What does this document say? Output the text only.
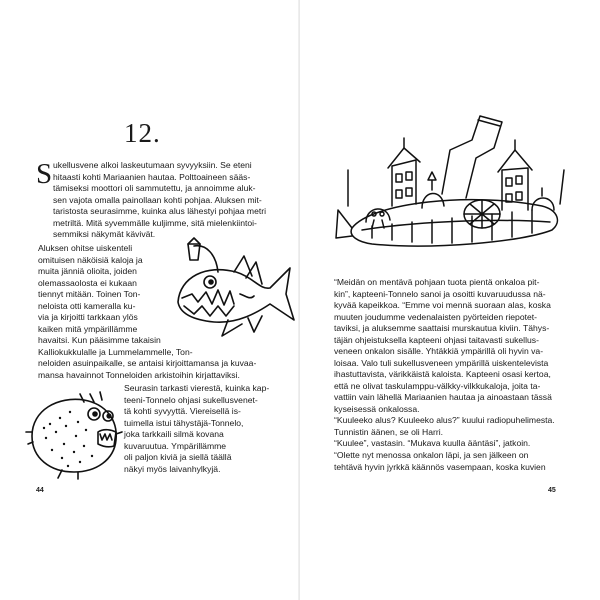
12.
S ukellusvene alkoi laskeutumaan syvyyksiin. Se eteni
hitaasti kohti Mariaanien hautaa. Polttoaineen sääs-
tämiseksi moottori oli sammutettu, ja annoimme aluk-
sen vajota omalla painollaan kohti pohjaa. Aluksen mit-
taristosta seurasimme, kuinka alus lähestyi pohjaa metri
metriltä. Mitä syvemmälle kuljimme, sitä mielenkiintoi-
semmiksi näkymät kävivät.

Aluksen ohitse uiskenteli
omituisen näköisiä kaloja ja
muita jänniä olioita, joiden
olemassaolosta ei kukaan
tiennyt mitään. Toinen Ton-
neloista otti kameralla ku-
via ja kirjoitti tarkkaan ylös
kaiken mitä ympärillämme
havaitsi. Kun pääsimme takaisin
Kalliokukkulalle ja Lummelammelle, Ton-
neloiden asuinpaikalle, se antaisi kirjoittamansa ja kuvaa-
mansa havainnot Tonneloiden arkistoihin kirjattaviksi.

Seurasin tarkasti vierestä, kuinka kap-
teeni-Tonnelo ohjasi sukellusvenet-
tä kohti syvyyttä. Viereisellä is-
tuimella istui tähystäjä-Tonnelo,
joka tarkkaili silmä kovana
kuvaruutua. Ympärillämme
oli paljon kiviä ja siellä täällä
näkyi myös laivanhylkyjä.

44

“Meidän on mentävä pohjaan tuota pientä onkaloa pit-
kin”, kapteeni-Tonnelo sanoi ja osoitti kuvaruudussa nä-
kyvää kapeikkoa. “Emme voi mennä suoraan alas, koska
muuten joudumme vedenalaisten pyörteiden riepotet-
taviksi, ja aluksemme saattaisi murskautua kiviin. Tähys-
täjän ohjeistuksella kapteeni ohjasi taitavasti sukellus-
veneen onkalon sisälle. Yhtäkkiä ympärillä oli hyvin va-
loisaa. Valo tuli sukellusveneen ympärillä uiskentelevista
ihastuttavista, värikkäistä kaloista. Kapteeni osasi kertoa,
että ne olivat taskulamppu-välkky-vilkkukaloja, joita ta-
vattiin vain lähellä Mariaanien hautaa ja ainoastaan tässä
kyseisessä onkalossa.

“Kuuleeko alus? Kuuleeko alus?” kuului radiopuhelimesta.
Tunnistin äänen, se oli Harri.

“Kuulee”, vastasin. “Mukava kuulla ääntäsi”, jatkoin.

“Olette nyt menossa onkalon läpi, ja sen jälkeen on
tehtävä hyvin jyrkkä käännös vasempaan, koska kuvien

45
